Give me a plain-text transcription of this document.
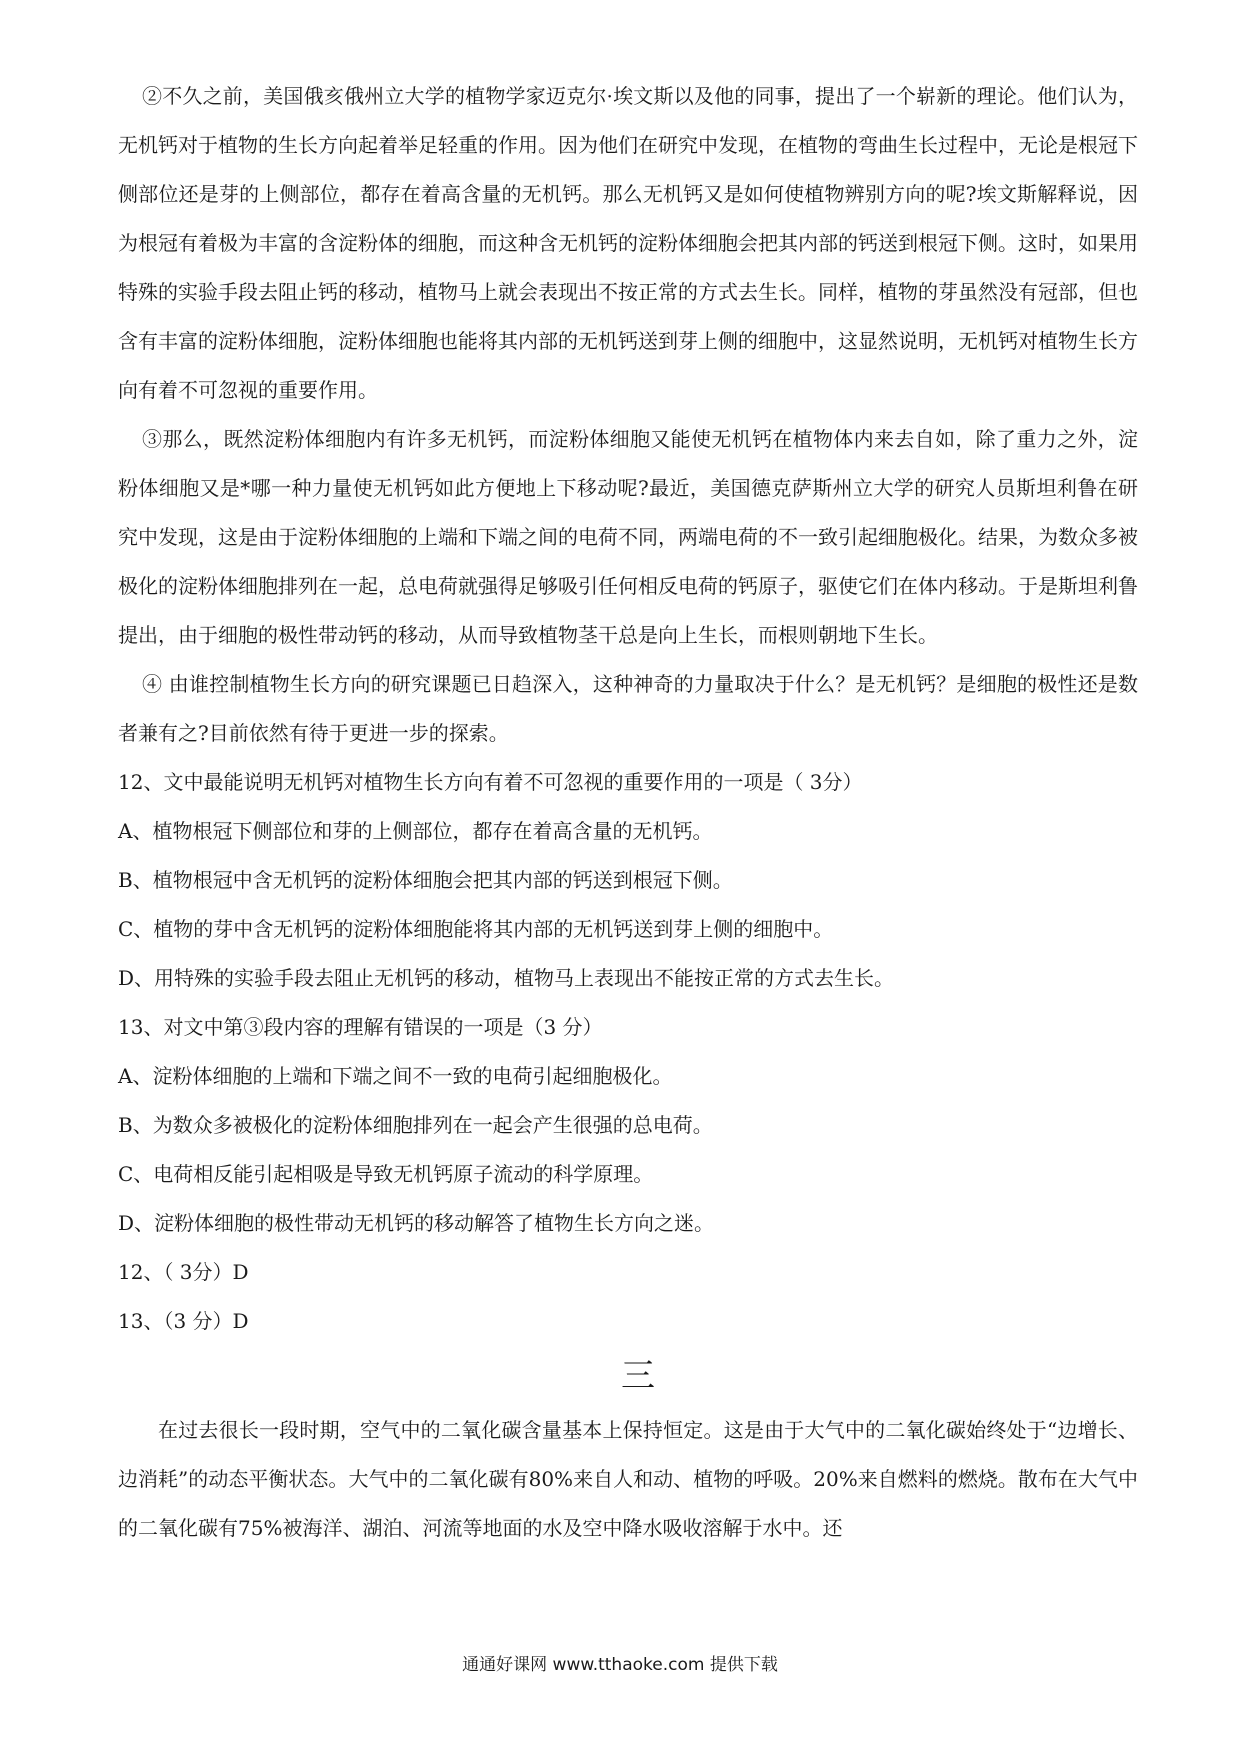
②不久之前，美国俄亥俄州立大学的植物学家迈克尔·埃文斯以及他的同事，提出了一个崭新的理论。他们认为，无机钙对于植物的生长方向起着举足轻重的作用。因为他们在研究中发现，在植物的弯曲生长过程中，无论是根冠下侧部位还是芽的上侧部位，都存在着高含量的无机钙。那么无机钙又是如何使植物辨别方向的呢?埃文斯解释说，因为根冠有着极为丰富的含淀粉体的细胞，而这种含无机钙的淀粉体细胞会把其内部的钙送到根冠下侧。这时，如果用特殊的实验手段去阻止钙的移动，植物马上就会表现出不按正常的方式去生长。同样，植物的芽虽然没有冠部，但也含有丰富的淀粉体细胞，淀粉体细胞也能将其内部的无机钙送到芽上侧的细胞中，这显然说明，无机钙对植物生长方向有着不可忽视的重要作用。

③那么，既然淀粉体细胞内有许多无机钙，而淀粉体细胞又能使无机钙在植物体内来去自如，除了重力之外，淀粉体细胞又是*哪一种力量使无机钙如此方便地上下移动呢?最近，美国德克萨斯州立大学的研究人员斯坦利鲁在研究中发现，这是由于淀粉体细胞的上端和下端之间的电荷不同，两端电荷的不一致引起细胞极化。结果，为数众多被极化的淀粉体细胞排列在一起，总电荷就强得足够吸引任何相反电荷的钙原子，驱使它们在体内移动。于是斯坦利鲁提出，由于细胞的极性带动钙的移动，从而导致植物茎干总是向上生长，而根则朝地下生长。

④ 由谁控制植物生长方向的研究课题已日趋深入，这种神奇的力量取决于什么？是无机钙？是细胞的极性还是数者兼有之?目前依然有待于更进一步的探索。

12、文中最能说明无机钙对植物生长方向有着不可忽视的重要作用的一项是（ 3分）

A、植物根冠下侧部位和芽的上侧部位，都存在着高含量的无机钙。

B、植物根冠中含无机钙的淀粉体细胞会把其内部的钙送到根冠下侧。

C、植物的芽中含无机钙的淀粉体细胞能将其内部的无机钙送到芽上侧的细胞中。

D、用特殊的实验手段去阻止无机钙的移动，植物马上表现出不能按正常的方式去生长。

13、对文中第③段内容的理解有错误的一项是（3 分）

A、淀粉体细胞的上端和下端之间不一致的电荷引起细胞极化。

B、为数众多被极化的淀粉体细胞排列在一起会产生很强的总电荷。

C、电荷相反能引起相吸是导致无机钙原子流动的科学原理。

D、淀粉体细胞的极性带动无机钙的移动解答了植物生长方向之迷。

12、（ 3分）D

13、（3 分）D

三

在过去很长一段时期，空气中的二氧化碳含量基本上保持恒定。这是由于大气中的二氧化碳始终处于“边增长、边消耗”的动态平衡状态。大气中的二氧化碳有80%来自人和动、植物的呼吸。20%来自燃料的燃烧。散布在大气中的二氧化碳有75%被海洋、湖泊、河流等地面的水及空中降水吸收溶解于水中。还

通通好课网 www.tthaoke.com 提供下载
